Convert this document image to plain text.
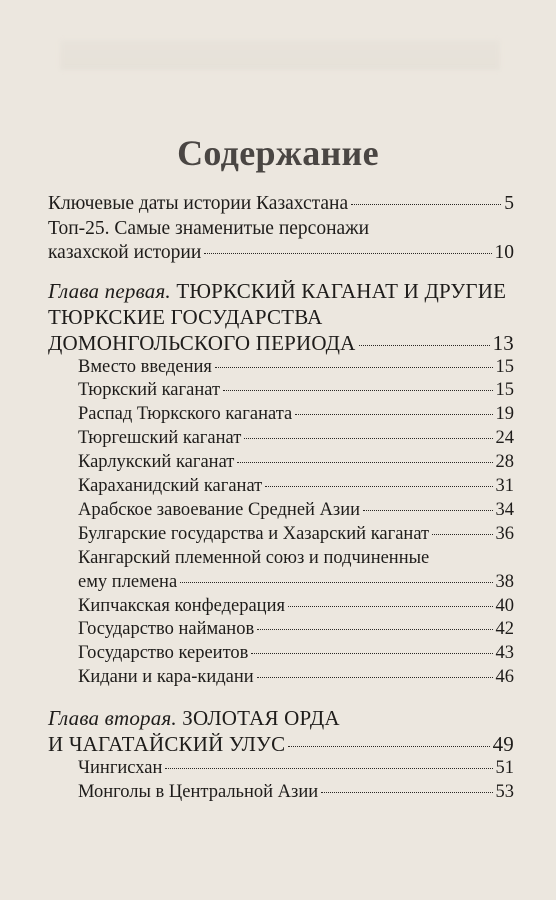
Содержание
Ключевые даты истории Казахстана	5
Топ-25. Самые знаменитые персонажи
казахской истории	10
Глава первая. ТЮРКСКИЙ КАГАНАТ И ДРУГИЕ
ТЮРКСКИЕ ГОСУДАРСТВА
ДОМОНГОЛЬСКОГО ПЕРИОДА	13
Вместо введения	15
Тюркский каганат	15
Распад Тюркского каганата	19
Тюргешский каганат	24
Карлукский каганат	28
Караханидский каганат	31
Арабское завоевание Средней Азии	34
Булгарские государства и Хазарский каганат	36
Кангарский племенной союз и подчиненные
ему племена	38
Кипчакская конфедерация	40
Государство найманов	42
Государство кереитов	43
Кидани и кара-кидани	46
Глава вторая. ЗОЛОТАЯ ОРДА
И ЧАГАТАЙСКИЙ УЛУС	49
Чингисхан	51
Монголы в Центральной Азии	53
